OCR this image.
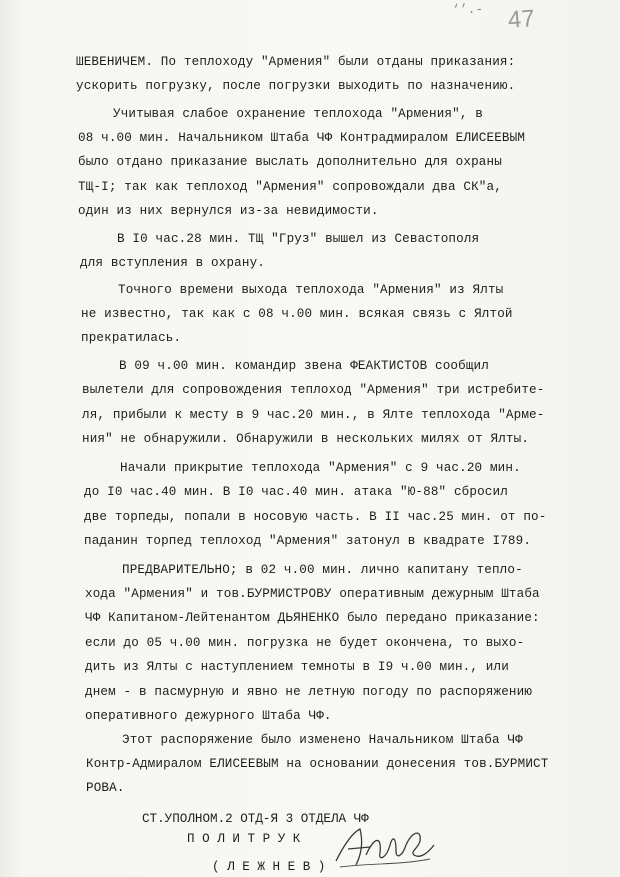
‘’.- 47
ШЕВЕНИЧЕМ. По теплоходу "Армения" были отданы приказания:
ускорить погрузку, после погрузки выходить по назначению.
Учитывая слабое охранение теплохода "Армения", в
08 ч.00 мин. Начальником Штаба ЧФ Контрадмиралом ЕЛИСЕЕВЫМ
было отдано приказание выслать дополнительно для охраны
ТЩ-I; так как теплоход "Армения" сопровождали два СК"а,
один из них вернулся из-за невидимости.
В I0 час.28 мин. ТЩ "Груз" вышел из Севастополя
для вступления в охрану.
Точного времени выхода теплохода "Армения" из Ялты
не известно, так как с 08 ч.00 мин. всякая связь с Ялтой
прекратилась.
В 09 ч.00 мин. командир звена ФЕАКТИСТОВ сообщил
вылетели для сопровождения теплоход "Армения" три истребите-
ля, прибыли к месту в 9 час.20 мин., в Ялте теплохода "Арме-
ния" не обнаружили. Обнаружили в нескольких милях от Ялты.
Начали прикрытие теплохода "Армения" с 9 час.20 мин.
до I0 час.40 мин. В I0 час.40 мин. атака "Ю-88" сбросил
две торпеды, попали в носовую часть. В II час.25 мин. от по-
паданин торпед теплоход "Армения" затонул в квадрате I789.
ПРЕДВАРИТЕЛЬНО; в 02 ч.00 мин. лично капитану тепло-
хода "Армения" и тов.БУРМИСТРОВУ оперативным дежурным Штаба
ЧФ Капитаном-Лейтенантом ДЬЯНЕНКО было передано приказание:
если до 05 ч.00 мин. погрузка не будет окончена, то выхо-
дить из Ялты с наступлением темноты в I9 ч.00 мин., или
днем - в пасмурную и явно не летную погоду по распоряжению
оперативного дежурного Штаба ЧФ.
Этот распоряжение было изменено Начальником Штаба ЧФ
Контр-Адмиралом ЕЛИСЕЕВЫМ на основании донесения тов.БУРМИСТ
РОВА.
СТ.УПОЛНОМ.2 ОТД-Я 3 ОТДЕЛА ЧФ
П О Л И Т Р У К
( Л Е Ж Н Е В )
